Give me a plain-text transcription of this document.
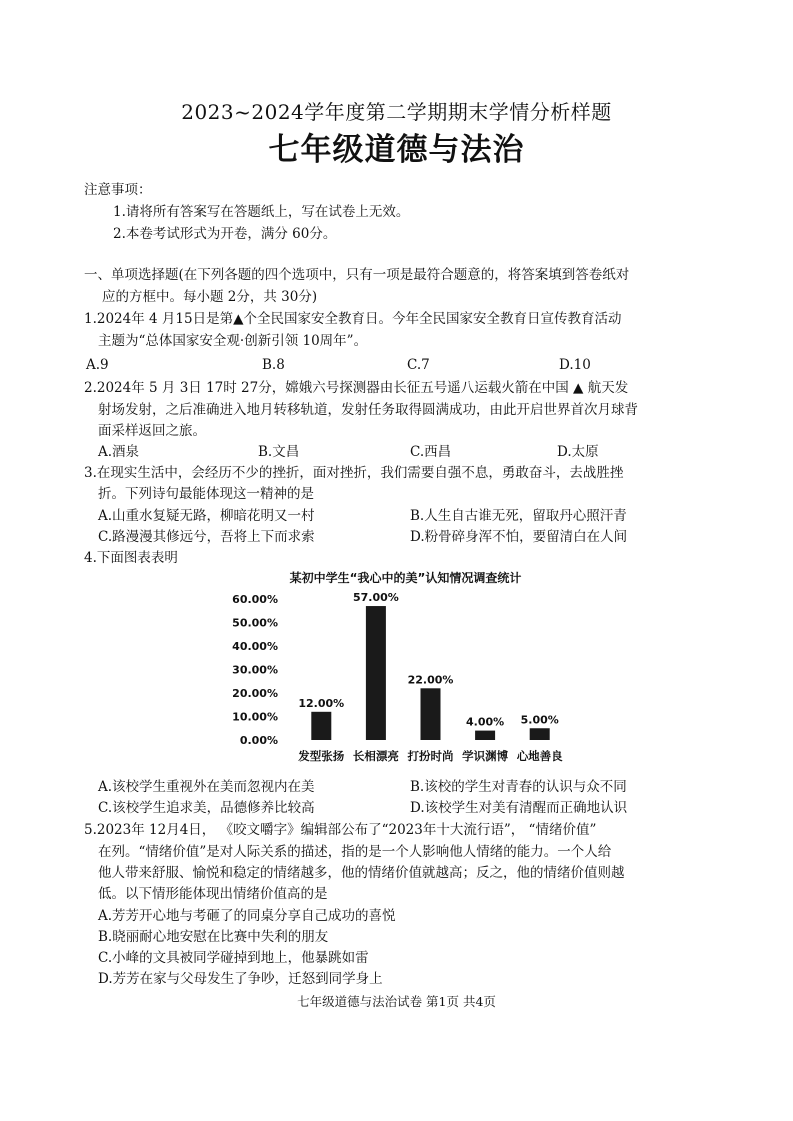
2023~2024学年度第二学期期末学情分析样题
七年级道德与法治
注意事项：
1.请将所有答案写在答题纸上，写在试卷上无效。
2.本卷考试形式为开卷，满分 60分。
一、单项选择题(在下列各题的四个选项中，只有一项是最符合题意的，将答案填到答卷纸对
应的方框中。每小题 2分，共 30分)
1.2024年 4 月15日是第▲个全民国家安全教育日。今年全民国家安全教育日宣传教育活动
主题为“总体国家安全观·创新引领 10周年”。
A.9	B.8	C.7	D.10
2.2024年 5 月 3日 17时 27分，嫦娥六号探测器由长征五号遥八运载火箭在中国 ▲ 航天发
射场发射，之后准确进入地月转移轨道，发射任务取得圆满成功，由此开启世界首次月球背
面采样返回之旅。
A.酒泉	B.文昌	C.西昌	D.太原
3.在现实生活中，会经历不少的挫折，面对挫折，我们需要自强不息，勇敢奋斗，去战胜挫
折。下列诗句最能体现这一精神的是
A.山重水复疑无路，柳暗花明又一村	B.人生自古谁无死，留取丹心照汗青
C.路漫漫其修远兮，吾将上下而求索	D.粉骨碎身浑不怕，要留清白在人间
4.下面图表表明
某初中学生“我心中的美”认知情况调查统计
0.00%
10.00%
20.00%
30.00%
40.00%
50.00%
60.00%
12.00%
发型张扬
57.00%
长相漂亮
22.00%
打扮时尚
4.00%
学识渊博
5.00%
心地善良
A.该校学生重视外在美而忽视内在美	B.该校的学生对青春的认识与众不同
C.该校学生追求美，品德修养比较高	D.该校学生对美有清醒而正确地认识
5.2023年 12月4日， 《咬文嚼字》编辑部公布了“2023年十大流行语”， “情绪价值”
在列。“情绪价值”是对人际关系的描述，指的是一个人影响他人情绪的能力。一个人给
他人带来舒服、愉悦和稳定的情绪越多，他的情绪价值就越高；反之，他的情绪价值则越
低。以下情形能体现出情绪价值高的是
A.芳芳开心地与考砸了的同桌分享自己成功的喜悦
B.晓丽耐心地安慰在比赛中失利的朋友
C.小峰的文具被同学碰掉到地上，他暴跳如雷
D.芳芳在家与父母发生了争吵，迁怒到同学身上
七年级道德与法治试卷 第1页 共4页
